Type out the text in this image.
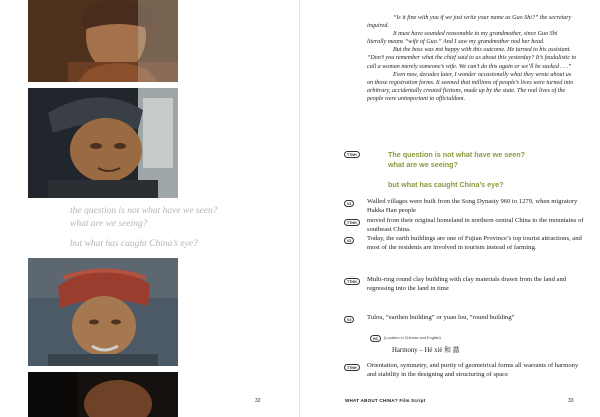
the question is not what have we seen?
what are we seeing?
but what has caught China’s eye?
32

“Is it fine with you if we just write your name as Guo Shi?” the secretary inquired.

It must have sounded reasonable to my grandmother, since Guo Shi literally means “wife of Guo.” And I saw my grandmother nod her head.

But the boss was not happy with this outcome. He turned to his assistant. “Don’t you remember what the chief said to us about this yesterday? It’s feudalistic to call a woman merely someone’s wife. We can’t do this again or we’ll be sacked . . .”

Even now, decades later, I wonder occasionally what they wrote about us on those registration forms. It seemed that millions of people’s lives were turned into arbitrary, accidentally created fictions, made up by the state. The real lives of the people were unimportant to officialdom.

TTNH	The question is not what have we seen?
what are we seeing?
but what has caught China’s eye?
V2	Walled villages were built from the Song Dynasty 960 to 1279, when migratory Hakka Han people
TTNH	moved from their original homeland in northern central China to the mountains of southeast China.
V2	Today, the earth buildings are one of Fujian Province’s top tourist attractions, and most of the residents are involved in tourism instead of farming.
TTNH	Multi-ring round clay building with clay materials drawn from the land and regressing into the land in time
V2	Tulou, “earthen building” or yuan lou, “round building”
HC	(Location in Chinese and English)
Harmony – Hé xié 和 諧
TTNH	Orientation, symmetry, and purity of geometrical forms all warrants of harmony and stability in the designing and structuring of space
WHAT ABOUT CHINA? Film Script	33
